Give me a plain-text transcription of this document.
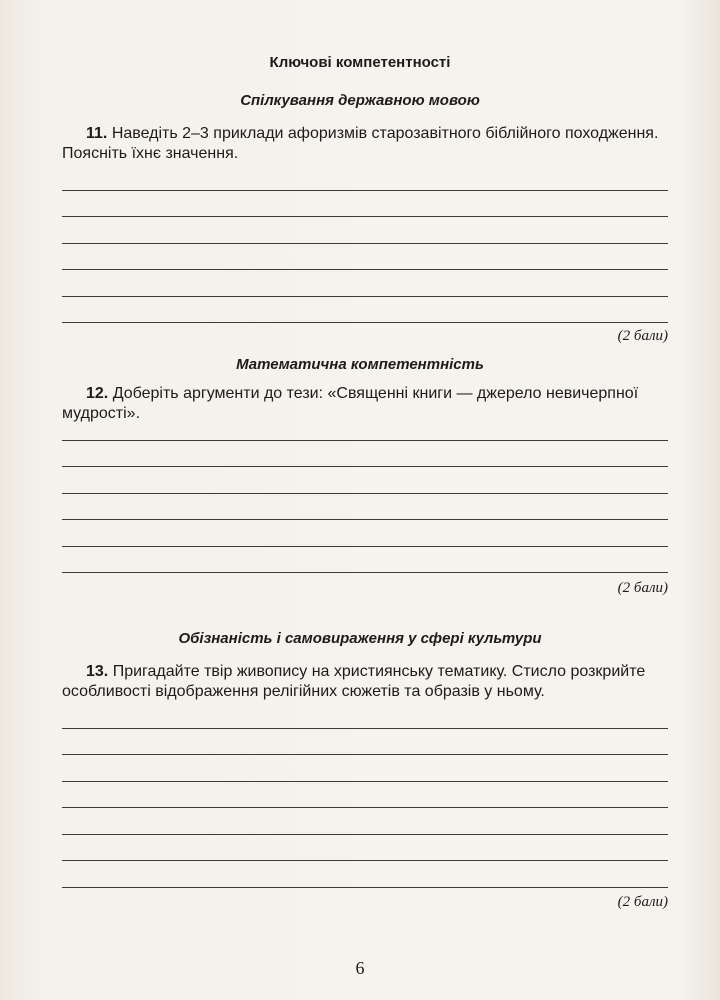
Ключові компетентності
Спілкування державною мовою

11. Наведіть 2–3 приклади афоризмів старозавітного біблійного походження. Поясніть їхнє значення.

(2 бали)
Математична компетентність

12. Доберіть аргументи до тези: «Священні книги — джерело невичерпної мудрості».

(2 бали)
Обізнаність і самовираження у сфері культури

13. Пригадайте твір живопису на християнську тематику. Стисло розкрийте особливості відображення релігійних сюжетів та образів у ньому.

(2 бали)
6
